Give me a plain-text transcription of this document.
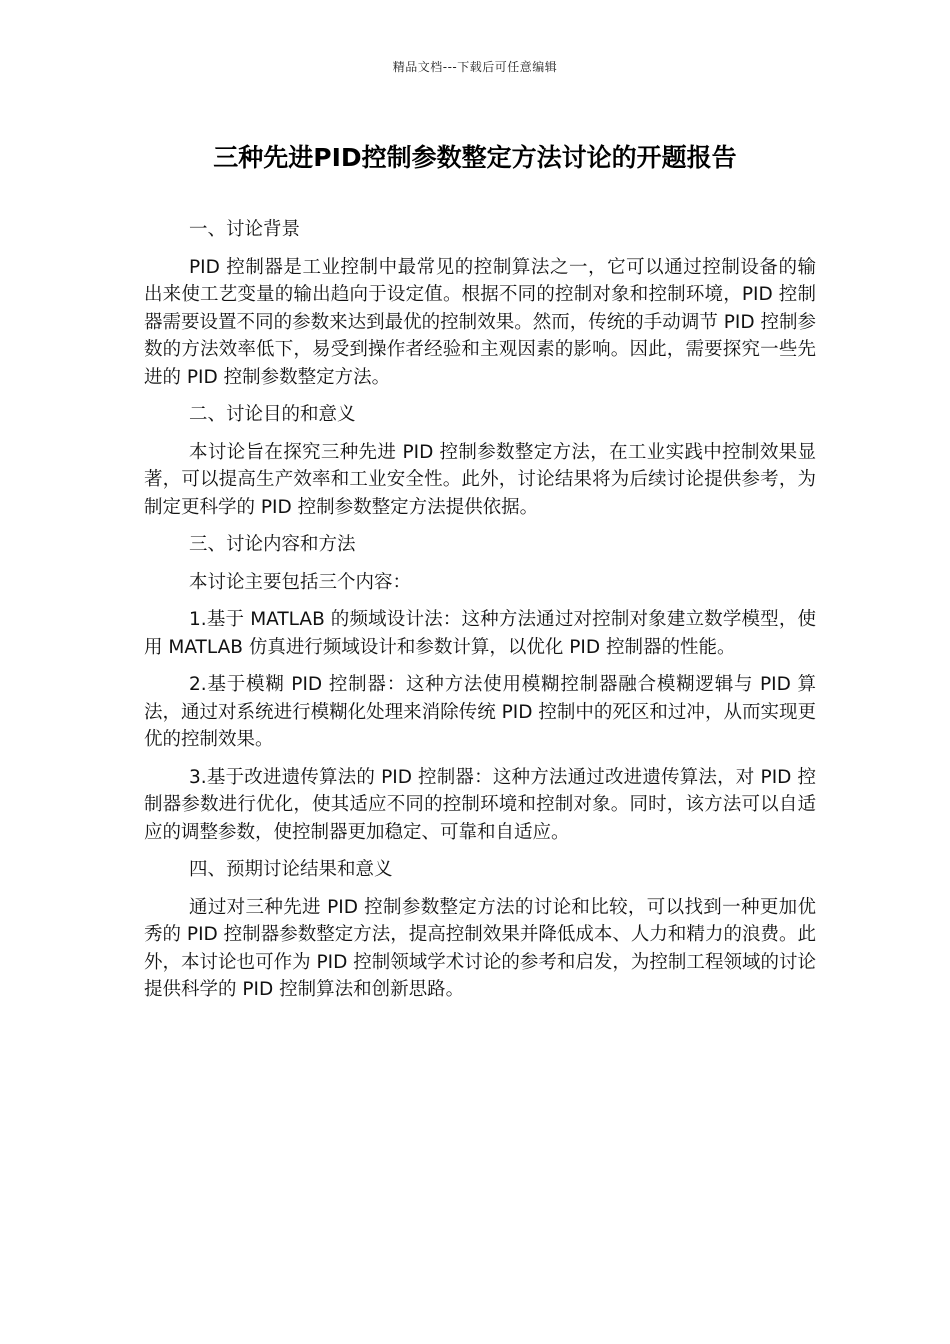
精品文档---下载后可任意编辑
三种先进PID控制参数整定方法讨论的开题报告

一、讨论背景

PID 控制器是工业控制中最常见的控制算法之一，它可以通过控制设备的输出来使工艺变量的输出趋向于设定值。根据不同的控制对象和控制环境，PID 控制器需要设置不同的参数来达到最优的控制效果。然而，传统的手动调节 PID 控制参数的方法效率低下，易受到操作者经验和主观因素的影响。因此，需要探究一些先进的 PID 控制参数整定方法。

二、讨论目的和意义

本讨论旨在探究三种先进 PID 控制参数整定方法，在工业实践中控制效果显著，可以提高生产效率和工业安全性。此外，讨论结果将为后续讨论提供参考，为制定更科学的 PID 控制参数整定方法提供依据。

三、讨论内容和方法

本讨论主要包括三个内容：

1.基于 MATLAB 的频域设计法：这种方法通过对控制对象建立数学模型，使用 MATLAB 仿真进行频域设计和参数计算，以优化 PID 控制器的性能。

2.基于模糊 PID 控制器：这种方法使用模糊控制器融合模糊逻辑与 PID 算法，通过对系统进行模糊化处理来消除传统 PID 控制中的死区和过冲，从而实现更优的控制效果。

3.基于改进遗传算法的 PID 控制器：这种方法通过改进遗传算法，对 PID 控制器参数进行优化，使其适应不同的控制环境和控制对象。同时，该方法可以自适应的调整参数，使控制器更加稳定、可靠和自适应。

四、预期讨论结果和意义

通过对三种先进 PID 控制参数整定方法的讨论和比较，可以找到一种更加优秀的 PID 控制器参数整定方法，提高控制效果并降低成本、人力和精力的浪费。此外，本讨论也可作为 PID 控制领域学术讨论的参考和启发，为控制工程领域的讨论提供科学的 PID 控制算法和创新思路。
